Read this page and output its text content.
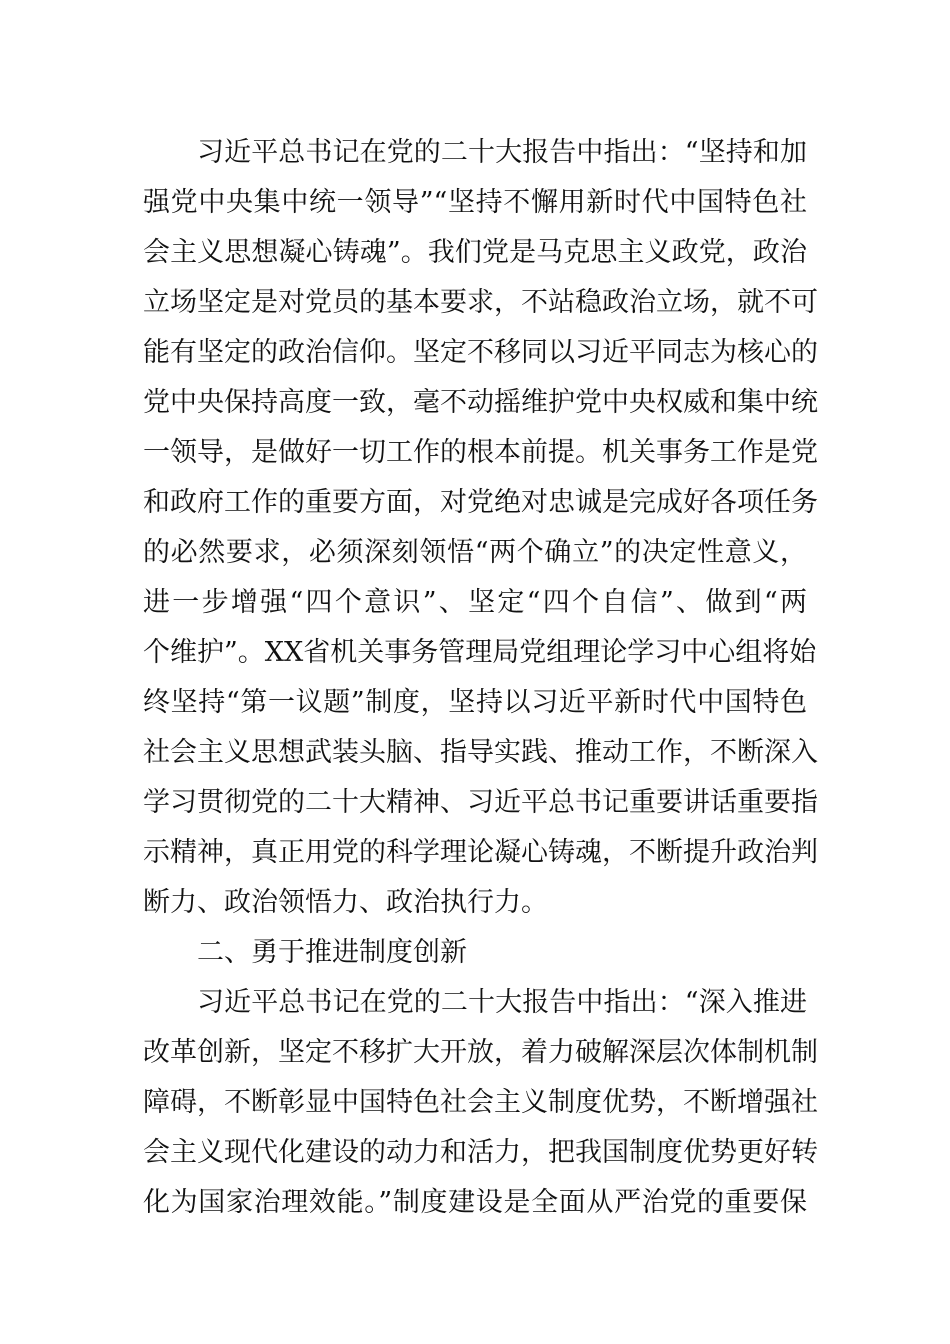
习近平总书记在党的二十大报告中指出：“坚持和加
强党中央集中统一领导”“坚持不懈用新时代中国特色社
会主义思想凝心铸魂”。我们党是马克思主义政党，政治
立场坚定是对党员的基本要求，不站稳政治立场，就不可
能有坚定的政治信仰。坚定不移同以习近平同志为核心的
党中央保持高度一致，毫不动摇维护党中央权威和集中统
一领导，是做好一切工作的根本前提。机关事务工作是党
和政府工作的重要方面，对党绝对忠诚是完成好各项任务
的必然要求，必须深刻领悟“两个确立”的决定性意义，
进一步增强“四个意识”、坚定“四个自信”、做到“两
个维护”。XX省机关事务管理局党组理论学习中心组将始
终坚持“第一议题”制度，坚持以习近平新时代中国特色
社会主义思想武装头脑、指导实践、推动工作，不断深入
学习贯彻党的二十大精神、习近平总书记重要讲话重要指
示精神，真正用党的科学理论凝心铸魂，不断提升政治判
断力、政治领悟力、政治执行力。
二、勇于推进制度创新
习近平总书记在党的二十大报告中指出：“深入推进
改革创新，坚定不移扩大开放，着力破解深层次体制机制
障碍，不断彰显中国特色社会主义制度优势，不断增强社
会主义现代化建设的动力和活力，把我国制度优势更好转
化为国家治理效能。”制度建设是全面从严治党的重要保
